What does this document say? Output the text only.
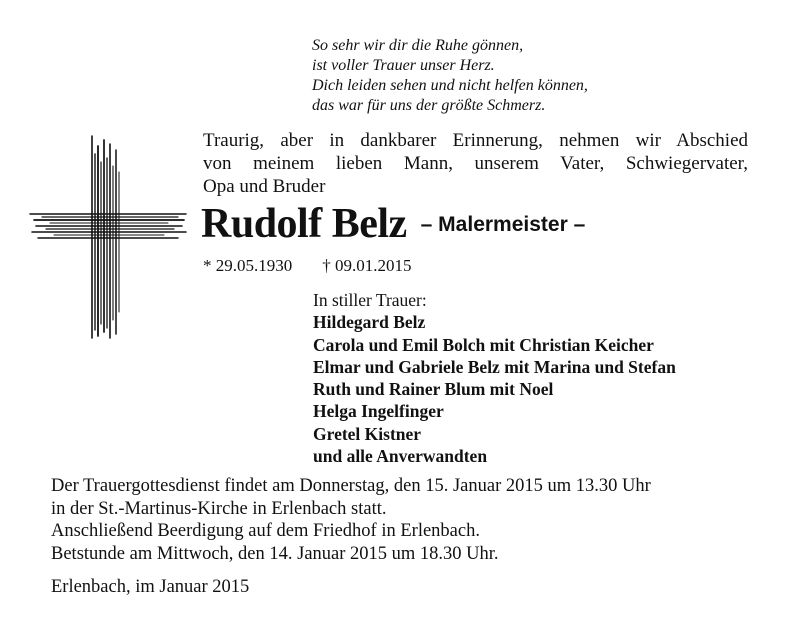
So sehr wir dir die Ruhe gönnen,
ist voller Trauer unser Herz.
Dich leiden sehen und nicht helfen können,
das war für uns der größte Schmerz.
Traurig, aber in dankbarer Erinnerung, nehmen wir Abschied
von meinem lieben Mann, unserem Vater, Schwiegervater,
Opa und Bruder
Rudolf Belz – Malermeister –
* 29.05.1930 † 09.01.2015
In stiller Trauer:
Hildegard Belz
Carola und Emil Bolch mit Christian Keicher
Elmar und Gabriele Belz mit Marina und Stefan
Ruth und Rainer Blum mit Noel
Helga Ingelfinger
Gretel Kistner
und alle Anverwandten
Der Trauergottesdienst findet am Donnerstag, den 15. Januar 2015 um 13.30 Uhr
in der St.-Martinus-Kirche in Erlenbach statt.
Anschließend Beerdigung auf dem Friedhof in Erlenbach.
Betstunde am Mittwoch, den 14. Januar 2015 um 18.30 Uhr.
Erlenbach, im Januar 2015
